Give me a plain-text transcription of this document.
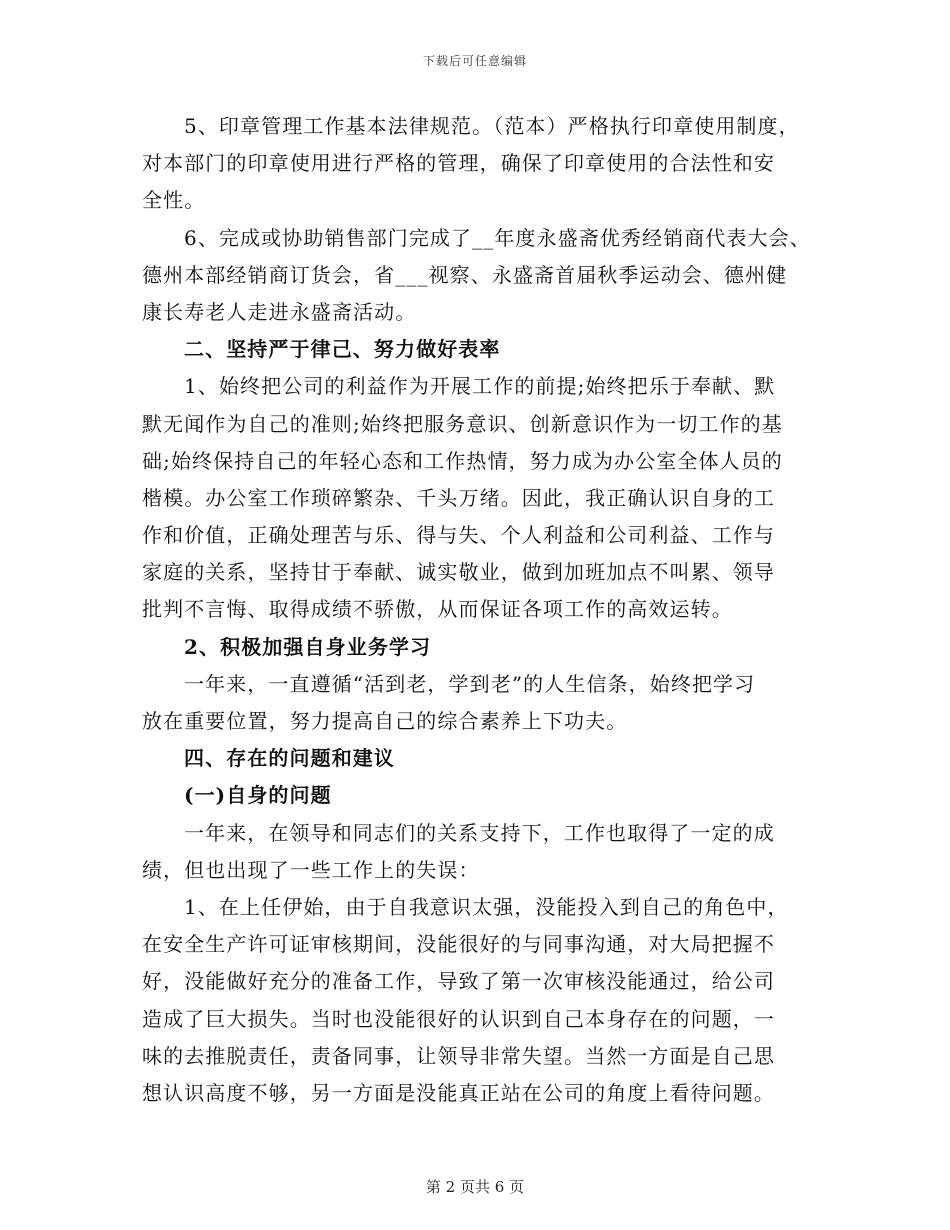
下载后可任意编辑
5、印章管理工作基本法律规范。（范本）严格执行印章使用制度，
对本部门的印章使用进行严格的管理，确保了印章使用的合法性和安
全性。
6、完成或协助销售部门完成了__年度永盛斋优秀经销商代表大会、
德州本部经销商订货会，省___视察、永盛斋首届秋季运动会、德州健
康长寿老人走进永盛斋活动。
二、坚持严于律己、努力做好表率
1、始终把公司的利益作为开展工作的前提;始终把乐于奉献、默
默无闻作为自己的准则;始终把服务意识、创新意识作为一切工作的基
础;始终保持自己的年轻心态和工作热情，努力成为办公室全体人员的
楷模。办公室工作琐碎繁杂、千头万绪。因此，我正确认识自身的工
作和价值，正确处理苦与乐、得与失、个人利益和公司利益、工作与
家庭的关系，坚持甘于奉献、诚实敬业，做到加班加点不叫累、领导
批判不言悔、取得成绩不骄傲，从而保证各项工作的高效运转。
2、积极加强自身业务学习
一年来，一直遵循“活到老，学到老”的人生信条，始终把学习
放在重要位置，努力提高自己的综合素养上下功夫。
四、存在的问题和建议
(一)自身的问题
一年来，在领导和同志们的关系支持下，工作也取得了一定的成
绩，但也出现了一些工作上的失误：
1、在上任伊始，由于自我意识太强，没能投入到自己的角色中，
在安全生产许可证审核期间，没能很好的与同事沟通，对大局把握不
好，没能做好充分的准备工作，导致了第一次审核没能通过，给公司
造成了巨大损失。当时也没能很好的认识到自己本身存在的问题，一
味的去推脱责任，责备同事，让领导非常失望。当然一方面是自己思
想认识高度不够，另一方面是没能真正站在公司的角度上看待问题。
第 2 页共 6 页
